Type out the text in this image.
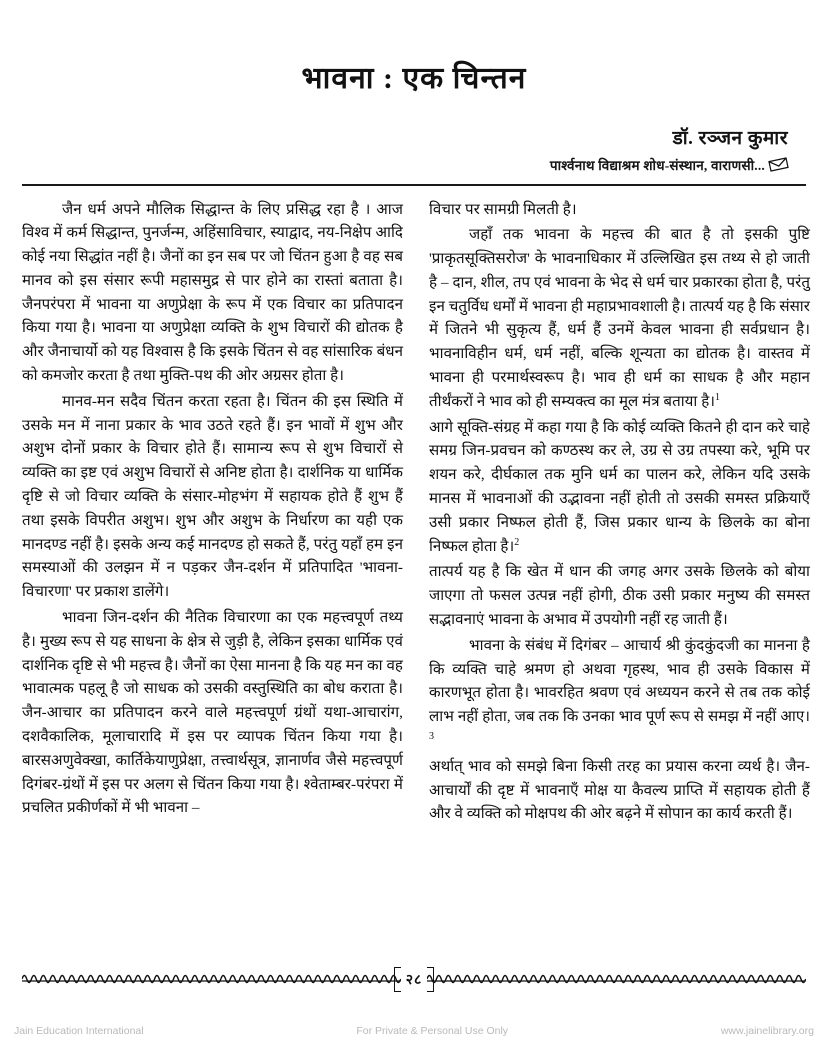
भावना : एक चिन्तन
डॉ. रञ्जन कुमार
पार्श्वनाथ विद्याश्रम शोध-संस्थान, वाराणसी...

जैन धर्म अपने मौलिक सिद्धान्त के लिए प्रसिद्ध रहा है । आज विश्व में कर्म सिद्धान्त, पुनर्जन्म, अहिंसाविचार, स्याद्वाद, नय-निक्षेप आदि कोई नया सिद्धांत नहीं है। जैनों का इन सब पर जो चिंतन हुआ है वह सब मानव को इस संसार रूपी महासमुद्र से पार होने का रास्तां बताता है। जैनपरंपरा में भावना या अणुप्रेक्षा के रूप में एक विचार का प्रतिपादन किया गया है। भावना या अणुप्रेक्षा व्यक्ति के शुभ विचारों की द्योतक है और जैनाचार्यो को यह विश्वास है कि इसके चिंतन से वह सांसारिक बंधन को कमजोर करता है तथा मुक्ति-पथ की ओर अग्रसर होता है।

मानव-मन सदैव चिंतन करता रहता है। चिंतन की इस स्थिति में उसके मन में नाना प्रकार के भाव उठते रहते हैं। इन भावों में शुभ और अशुभ दोनों प्रकार के विचार होते हैं। सामान्य रूप से शुभ विचारों से व्यक्ति का इष्ट एवं अशुभ विचारों से अनिष्ट होता है। दार्शनिक या धार्मिक दृष्टि से जो विचार व्यक्ति के संसार-मोहभंग में सहायक होते हैं शुभ हैं तथा इसके विपरीत अशुभ। शुभ और अशुभ के निर्धारण का यही एक मानदण्ड नहीं है। इसके अन्य कई मानदण्ड हो सकते हैं, परंतु यहाँ हम इन समस्याओं की उलझन में न पड़कर जैन-दर्शन में प्रतिपादित 'भावना-विचारणा' पर प्रकाश डालेंगे।

भावना जिन-दर्शन की नैतिक विचारणा का एक महत्त्वपूर्ण तथ्य है। मुख्य रूप से यह साधना के क्षेत्र से जुड़ी है, लेकिन इसका धार्मिक एवं दार्शनिक दृष्टि से भी महत्त्व है। जैनों का ऐसा मानना है कि यह मन का वह भावात्मक पहलू है जो साधक को उसकी वस्तुस्थिति का बोध कराता है। जैन-आचार का प्रतिपादन करने वाले महत्त्वपूर्ण ग्रंथों यथा-आचारांग, दशवैकालिक, मूलाचारादि में इस पर व्यापक चिंतन किया गया है। बारसअणुवेक्खा, कार्तिकेयाणुप्रेक्षा, तत्त्वार्थसूत्र, ज्ञानार्णव जैसे महत्त्वपूर्ण दिगंबर-ग्रंथों में इस पर अलग से चिंतन किया गया है। श्वेताम्बर-परंपरा में प्रचलित प्रकीर्णकों में भी भावना –

विचार पर सामग्री मिलती है।

जहाँ तक भावना के महत्त्व की बात है तो इसकी पुष्टि 'प्राकृतसूक्तिसरोज' के भावनाधिकार में उल्लिखित इस तथ्य से हो जाती है – दान, शील, तप एवं भावना के भेद से धर्म चार प्रकारका होता है, परंतु इन चतुर्विध धर्मों में भावना ही महाप्रभावशाली है। तात्पर्य यह है कि संसार में जितने भी सुकृत्य हैं, धर्म हैं उनमें केवल भावना ही सर्वप्रधान है। भावनाविहीन धर्म, धर्म नहीं, बल्कि शून्यता का द्योतक है। वास्तव में भावना ही परमार्थस्वरूप है। भाव ही धर्म का साधक है और महान तीर्थंकरों ने भाव को ही सम्यक्त्व का मूल मंत्र बताया है।$^1$

आगे सूक्ति-संग्रह में कहा गया है कि कोई व्यक्ति कितने ही दान करे चाहे समग्र जिन-प्रवचन को कण्ठस्थ कर ले, उग्र से उग्र तपस्या करे, भूमि पर शयन करे, दीर्घकाल तक मुनि धर्म का पालन करे, लेकिन यदि उसके मानस में भावनाओं की उद्भावना नहीं होती तो उसकी समस्त प्रक्रियाएँ उसी प्रकार निष्फल होती हैं, जिस प्रकार धान्य के छिलके का बोना निष्फल होता है।$^2$

तात्पर्य यह है कि खेत में धान की जगह अगर उसके छिलके को बोया जाएगा तो फसल उत्पन्न नहीं होगी, ठीक उसी प्रकार मनुष्य की समस्त सद्भावनाएं भावना के अभाव में उपयोगी नहीं रह जाती हैं।

भावना के संबंध में दिगंबर – आचार्य श्री कुंदकुंदजी का मानना है कि व्यक्ति चाहे श्रमण हो अथवा गृहस्थ, भाव ही उसके विकास में कारणभूत होता है। भावरहित श्रवण एवं अध्ययन करने से तब तक कोई लाभ नहीं होता, जब तक कि उनका भाव पूर्ण रूप से समझ में नहीं आए।$^3$

अर्थात् भाव को समझे बिना किसी तरह का प्रयास करना व्यर्थ है। जैन-आचार्यों की दृष्ट में भावनाएँ मोक्ष या कैवल्य प्राप्ति में सहायक होती हैं और वे व्यक्ति को मोक्षपथ की ओर बढ़ने में सोपान का कार्य करती हैं।

२८
Jain Education International	For Private & Personal Use Only	www.jainelibrary.org
